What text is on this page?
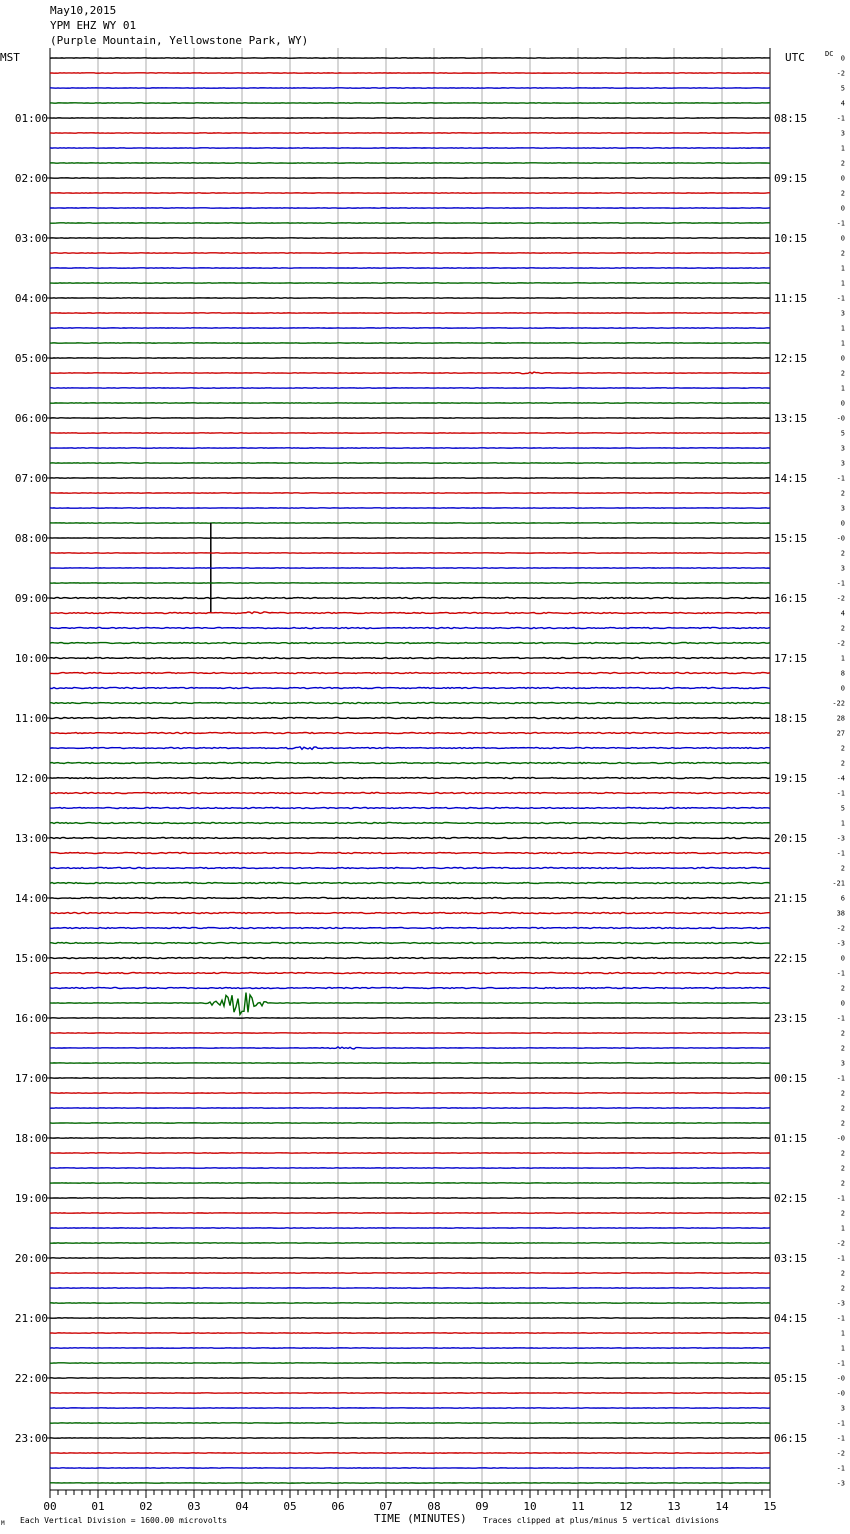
May10,2015
YPM EHZ WY 01
(Purple Mountain, Yellowstone Park, WY)
00	01	02	03	04	05	06	07	08	09	10	11	12	13	14	15
0
-2
5
4
-1
3
1
2
0
2
0
-1
0
2
1
1
-1
3
1
1
0
2
1
0
-0
5
3
3
-1
2
3
0
-0
2
3
-1
-2
4
2
-2
1
8
0
-22
28
27
2
2
-4
-1
5
1
-3
-1
2
-21
6
38
-2
-3
0
-1
2
0
-1
2
2
3
-1
2
2
2
-0
2
2
2
-1
2
1
-2
-1
2
2
-3
-1
1
1
-1
-0
-0
3
-1
-1
-2
-1
-3
01:00	08:15
02:00	09:15
03:00	10:15
04:00	11:15
05:00	12:15
06:00	13:15
07:00	14:15
08:00	15:15
09:00	16:15
10:00	17:15
11:00	18:15
12:00	19:15
13:00	20:15
14:00	21:15
15:00	22:15
16:00	23:15
17:00	00:15
18:00	01:15
19:00	02:15
20:00	03:15
21:00	04:15
22:00	05:15
23:00	06:15
MST	UTC	DC
TIME (MINUTES)
Each Vertical Division = 1600.00 microvolts	Traces clipped at plus/minus 5 vertical divisions
M
